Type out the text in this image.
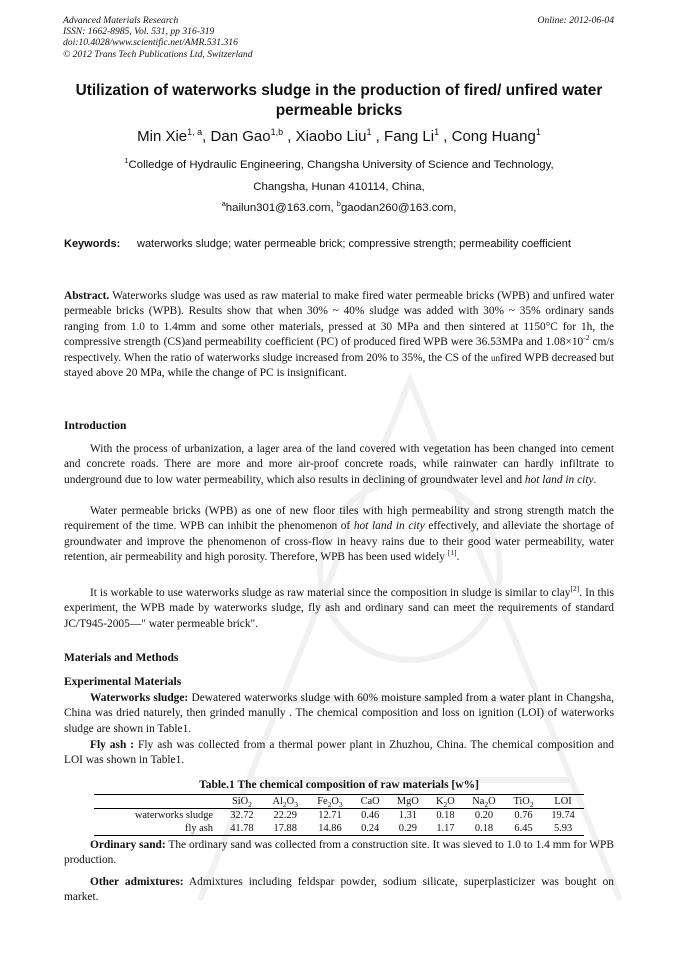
Advanced Materials Research
ISSN: 1662-8985, Vol. 531, pp 316-319
doi:10.4028/www.scientific.net/AMR.531.316
© 2012 Trans Tech Publications Ltd, Switzerland
Online: 2012-06-04
Utilization of waterworks sludge in the production of fired/ unfired water permeable bricks
Min Xie$^{1, a}$, Dan Gao$^{1,b}$ , Xiaobo Liu$^1$ , Fang Li$^1$ , Cong Huang$^1$
$^1$Colledge of Hydraulic Engineering, Changsha University of Science and Technology,
Changsha, Hunan 410114, China,
$^a$hailun301@163.com, $^b$gaodan260@163.com,
Keywords:	waterworks sludge; water permeable brick; compressive strength; permeability coefficient

Abstract. Waterworks sludge was used as raw material to make fired water permeable bricks (WPB) and unfired water permeable bricks (WPB). Results show that when 30% ~ 40% sludge was added with 30% ~ 35% ordinary sands ranging from 1.0 to 1.4mm and some other materials, pressed at 30 MPa and then sintered at 1150°C for 1h, the compressive strength (CS)and permeability coefficient (PC) of produced fired WPB were 36.53MPa and $1.08\times 10^{-2}$ cm/s respectively. When the ratio of waterworks sludge increased from 20% to 35%, the CS of the unfired WPB decreased but stayed above 20 MPa, while the change of PC is insignificant.

Introduction

With the process of urbanization, a lager area of the land covered with vegetation has been changed into cement and concrete roads. There are more and more air-proof concrete roads, while rainwater can hardly infiltrate to underground due to low water permeability, which also results in declining of groundwater level and hot land in city.

Water permeable bricks (WPB) as one of new floor tiles with high permeability and strong strength match the requirement of the time. WPB can inhibit the phenomenon of hot land in city effectively, and alleviate the shortage of groundwater and improve the phenomenon of cross-flow in heavy rains due to their good water permeability, water retention, air permeability and high porosity. Therefore, WPB has been used widely [1].

It is workable to use waterworks sludge as raw material since the composition in sludge is similar to clay[2]. In this experiment, the WPB made by waterworks sludge, fly ash and ordinary sand can meet the requirements of standard JC/T945-2005—" water permeable brick".

Materials and Methods
Experimental Materials

Waterworks sludge: Dewatered waterworks sludge with 60% moisture sampled from a water plant in Changsha, China was dried naturely, then grinded manully . The chemical composition and loss on ignition (LOI) of waterworks sludge are shown in Table1.

Fly ash : Fly ash was collected from a thermal power plant in Zhuzhou, China. The chemical composition and LOI was shown in Table1.

Table.1 The chemical composition of raw materials [w%]
	SiO$_2$	$Al_2O_3$	$Fe_2O_3$	CaO	MgO	$K_2O$	$Na_2O$	TiO$_2$	LOI
waterworks sludge	32.72	22.29	12.71	0.46	1.31	0.18	0.20	0.76	19.74
fly ash	41.78	17.88	14.86	0.24	0.29	1.17	0.18	6.45	5.93

Ordinary sand: The ordinary sand was collected from a construction site. It was sieved to 1.0 to 1.4 mm for WPB production.

Other admixtures: Admixtures including feldspar powder, sodium silicate, superplasticizer was bought on market.
